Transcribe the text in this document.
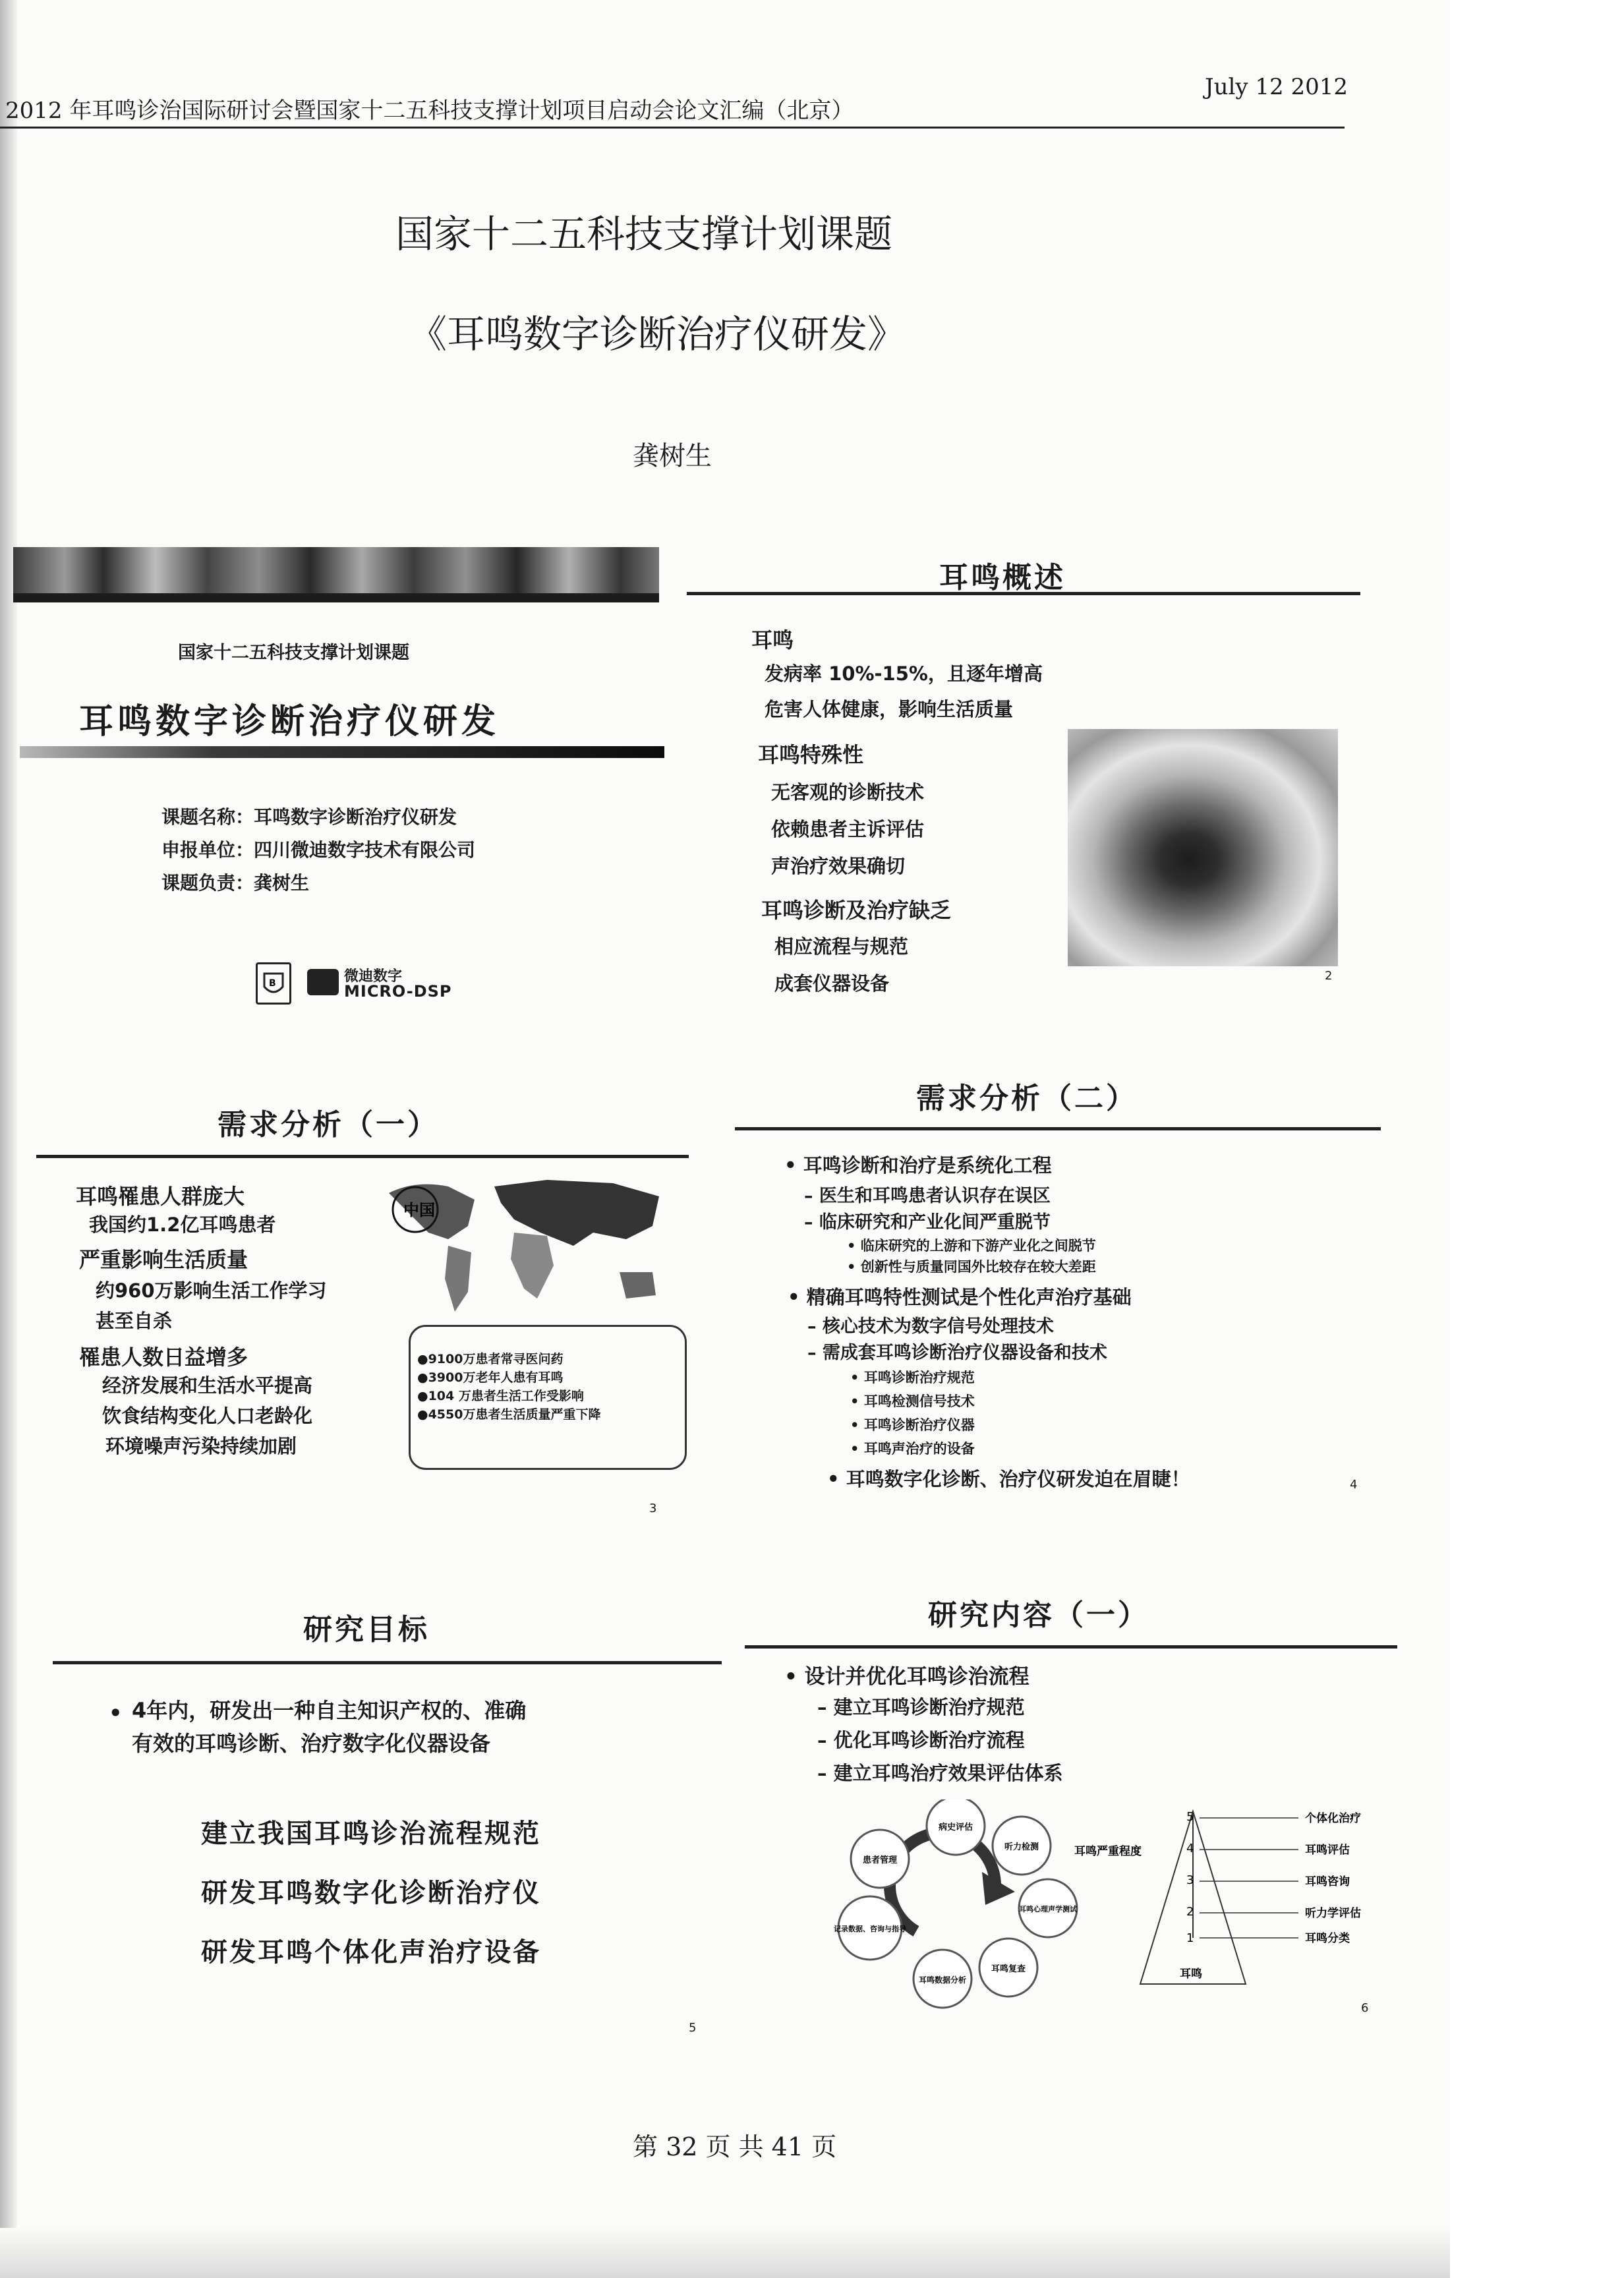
2012 年耳鸣诊治国际研讨会暨国家十二五科技支撑计划项目启动会论文汇编（北京）
July 12 2012
国家十二五科技支撑计划课题
《耳鸣数字诊断治疗仪研发》
龚树生
国家十二五科技支撑计划课题
耳鸣数字诊断治疗仪研发
课题名称：耳鸣数字诊断治疗仪研发
申报单位：四川微迪数字技术有限公司
课题负责：龚树生
B	微迪数字
MICRO-DSP
耳鸣概述
耳鸣
发病率 10%-15%，且逐年增高
危害人体健康，影响生活质量
耳鸣特殊性
无客观的诊断技术
依赖患者主诉评估
声治疗效果确切
耳鸣诊断及治疗缺乏
相应流程与规范
成套仪器设备	2
需求分析（一）
耳鸣罹患人群庞大
我国约1.2亿耳鸣患者
严重影响生活质量
约960万影响生活工作学习
甚至自杀
罹患人数日益增多
经济发展和生活水平提高
饮食结构变化人口老龄化
环境噪声污染持续加剧
中国
●9100万患者常寻医问药
●3900万老年人患有耳鸣
●104 万患者生活工作受影响
●4550万患者生活质量严重下降
3
需求分析（二）
• 耳鸣诊断和治疗是系统化工程
– 医生和耳鸣患者认识存在误区
– 临床研究和产业化间严重脱节
• 临床研究的上游和下游产业化之间脱节
• 创新性与质量同国外比较存在较大差距
• 精确耳鸣特性测试是个性化声治疗基础
– 核心技术为数字信号处理技术
– 需成套耳鸣诊断治疗仪器设备和技术
• 耳鸣诊断治疗规范
• 耳鸣检测信号技术
• 耳鸣诊断治疗仪器
• 耳鸣声治疗的设备
• 耳鸣数字化诊断、治疗仪研发迫在眉睫！	4
研究目标
• 4年内，研发出一种自主知识产权的、准确
有效的耳鸣诊断、治疗数字化仪器设备
建立我国耳鸣诊治流程规范
研发耳鸣数字化诊断治疗仪
研发耳鸣个体化声治疗设备
5
研究内容（一）
• 设计并优化耳鸣诊治流程
– 建立耳鸣诊断治疗规范
– 优化耳鸣诊断治疗流程
– 建立耳鸣治疗效果评估体系
病史评估
听力检测
耳鸣心理声学测试
耳鸣复查
耳鸣数据分析
记录数据、咨询与指导
患者管理
耳鸣严重程度
5	个体化治疗
4	耳鸣评估
3	耳鸣咨询
2	听力学评估
1	耳鸣分类
耳鸣
6
第 32 页 共 41 页
